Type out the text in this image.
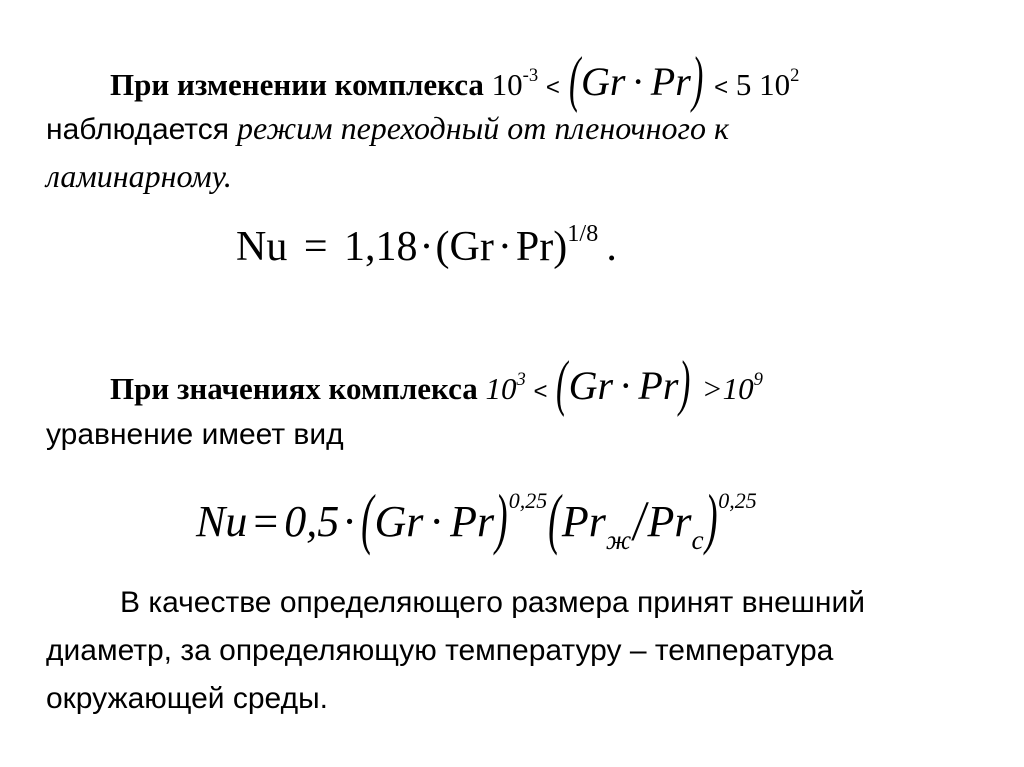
При изменении комплекса $10^{-3} < (Gr \cdot Pr) < 5$ $10^2$
наблюдается режим переходный от пленочного к
ламинарному.
$Nu = 1,18\cdot(Gr\cdot Pr)^{1/8}$ .
При значениях комплекса $10^3 < (Gr \cdot Pr) >10^9$
уравнение имеет вид
$Nu = 0,5\cdot(Gr \cdot Pr)^{0,25}(Pr_ж/Pr_с)^{0,25}$
В качестве определяющего размера принят внешний
диаметр, за определяющую температуру – температура
окружающей среды.
